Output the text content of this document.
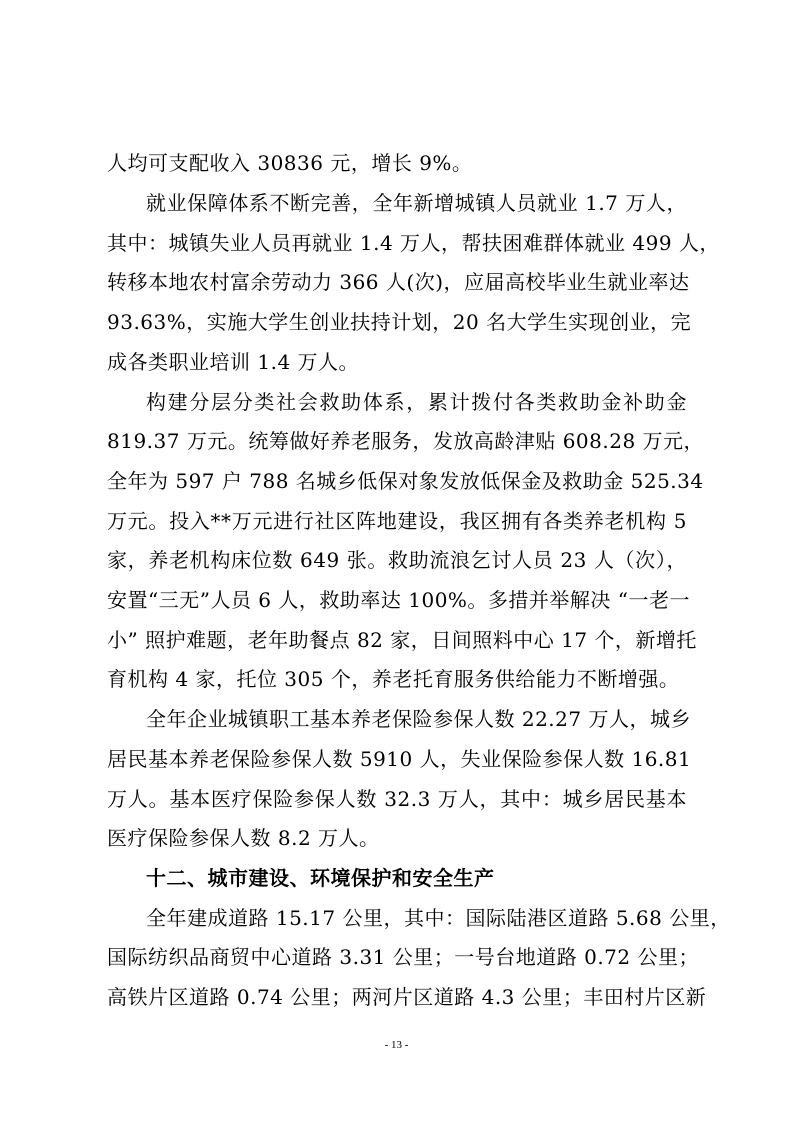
人均可支配收入 30836 元，增长 9%。
就业保障体系不断完善，全年新增城镇人员就业 1.7 万人，
其中：城镇失业人员再就业 1.4 万人，帮扶困难群体就业 499 人，
转移本地农村富余劳动力 366 人(次)，应届高校毕业生就业率达
93.63%，实施大学生创业扶持计划，20 名大学生实现创业，完
成各类职业培训 1.4 万人。
构建分层分类社会救助体系，累计拨付各类救助金补助金
819.37 万元。统筹做好养老服务，发放高龄津贴 608.28 万元，
全年为 597 户 788 名城乡低保对象发放低保金及救助金 525.34
万元。投入**万元进行社区阵地建设，我区拥有各类养老机构 5
家，养老机构床位数 649 张。救助流浪乞讨人员 23 人（次），
安置“三无”人员 6 人，救助率达 100%。多措并举解决 “一老一
小” 照护难题，老年助餐点 82 家，日间照料中心 17 个，新增托
育机构 4 家，托位 305 个，养老托育服务供给能力不断增强。
全年企业城镇职工基本养老保险参保人数 22.27 万人，城乡
居民基本养老保险参保人数 5910 人，失业保险参保人数 16.81
万人。基本医疗保险参保人数 32.3 万人，其中：城乡居民基本
医疗保险参保人数 8.2 万人。
十二、城市建设、环境保护和安全生产
全年建成道路 15.17 公里，其中：国际陆港区道路 5.68 公里，
国际纺织品商贸中心道路 3.31 公里；一号台地道路 0.72 公里；
高铁片区道路 0.74 公里；两河片区道路 4.3 公里；丰田村片区新
- 13 -
